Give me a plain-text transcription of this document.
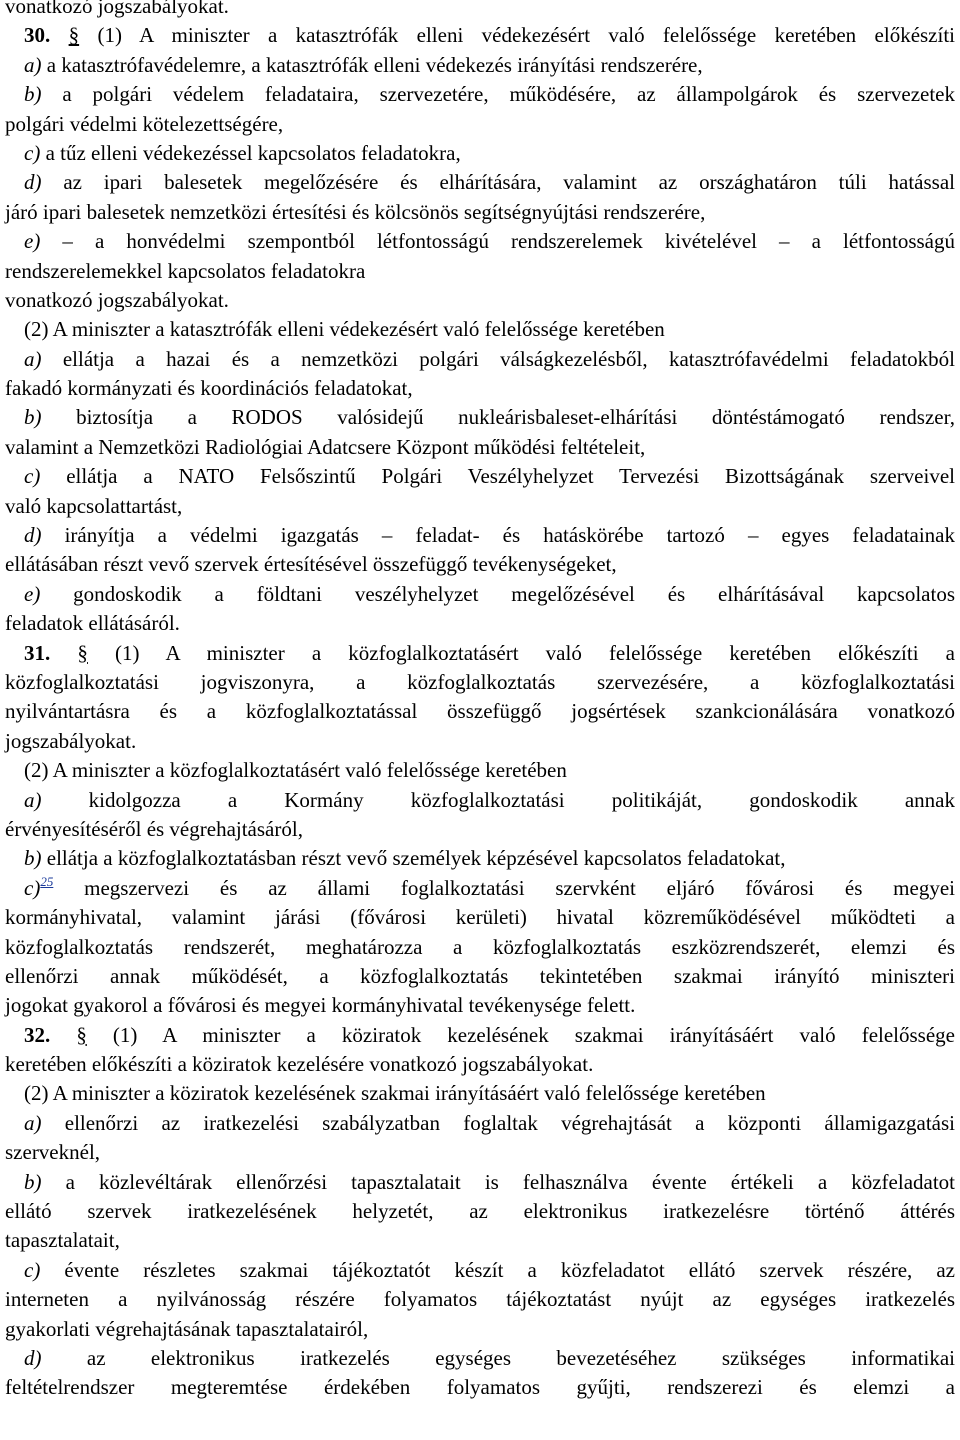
vonatkozó jogszabályokat.
30. § (1) A miniszter a katasztrófák elleni védekezésért való felelőssége keretében előkészíti
a) a katasztrófavédelemre, a katasztrófák elleni védekezés irányítási rendszerére,
b) a polgári védelem feladataira, szervezetére, működésére, az állampolgárok és szervezetek
polgári védelmi kötelezettségére,
c) a tűz elleni védekezéssel kapcsolatos feladatokra,
d) az ipari balesetek megelőzésére és elhárítására, valamint az országhatáron túli hatással
járó ipari balesetek nemzetközi értesítési és kölcsönös segítségnyújtási rendszerére,
e) – a honvédelmi szempontból létfontosságú rendszerelemek kivételével – a létfontosságú
rendszerelemekkel kapcsolatos feladatokra
vonatkozó jogszabályokat.
(2) A miniszter a katasztrófák elleni védekezésért való felelőssége keretében
a) ellátja a hazai és a nemzetközi polgári válságkezelésből, katasztrófavédelmi feladatokból
fakadó kormányzati és koordinációs feladatokat,
b) biztosítja a RODOS valósidejű nukleárisbaleset-elhárítási döntéstámogató rendszer,
valamint a Nemzetközi Radiológiai Adatcsere Központ működési feltételeit,
c) ellátja a NATO Felsőszintű Polgári Veszélyhelyzet Tervezési Bizottságának szerveivel
való kapcsolattartást,
d) irányítja a védelmi igazgatás – feladat- és hatáskörébe tartozó – egyes feladatainak
ellátásában részt vevő szervek értesítésével összefüggő tevékenységeket,
e) gondoskodik a földtani veszélyhelyzet megelőzésével és elhárításával kapcsolatos
feladatok ellátásáról.
31. § (1) A miniszter a közfoglalkoztatásért való felelőssége keretében előkészíti a
közfoglalkoztatási jogviszonyra, a közfoglalkoztatás szervezésére, a közfoglalkoztatási
nyilvántartásra és a közfoglalkoztatással összefüggő jogsértések szankcionálására vonatkozó
jogszabályokat.
(2) A miniszter a közfoglalkoztatásért való felelőssége keretében
a) kidolgozza a Kormány közfoglalkoztatási politikáját, gondoskodik annak
érvényesítéséről és végrehajtásáról,
b) ellátja a közfoglalkoztatásban részt vevő személyek képzésével kapcsolatos feladatokat,
c)$^{25}$ megszervezi és az állami foglalkoztatási szervként eljáró fővárosi és megyei
kormányhivatal, valamint járási (fővárosi kerületi) hivatal közreműködésével működteti a
közfoglalkoztatás rendszerét, meghatározza a közfoglalkoztatás eszközrendszerét, elemzi és
ellenőrzi annak működését, a közfoglalkoztatás tekintetében szakmai irányító miniszteri
jogokat gyakorol a fővárosi és megyei kormányhivatal tevékenysége felett.
32. § (1) A miniszter a köziratok kezelésének szakmai irányításáért való felelőssége
keretében előkészíti a köziratok kezelésére vonatkozó jogszabályokat.
(2) A miniszter a köziratok kezelésének szakmai irányításáért való felelőssége keretében
a) ellenőrzi az iratkezelési szabályzatban foglaltak végrehajtását a központi államigazgatási
szerveknél,
b) a közlevéltárak ellenőrzési tapasztalatait is felhasználva évente értékeli a közfeladatot
ellátó szervek iratkezelésének helyzetét, az elektronikus iratkezelésre történő áttérés
tapasztalatait,
c) évente részletes szakmai tájékoztatót készít a közfeladatot ellátó szervek részére, az
interneten a nyilvánosság részére folyamatos tájékoztatást nyújt az egységes iratkezelés
gyakorlati végrehajtásának tapasztalatairól,
d) az elektronikus iratkezelés egységes bevezetéséhez szükséges informatikai
feltételrendszer megteremtése érdekében folyamatos gyűjti, rendszerezi és elemzi a
